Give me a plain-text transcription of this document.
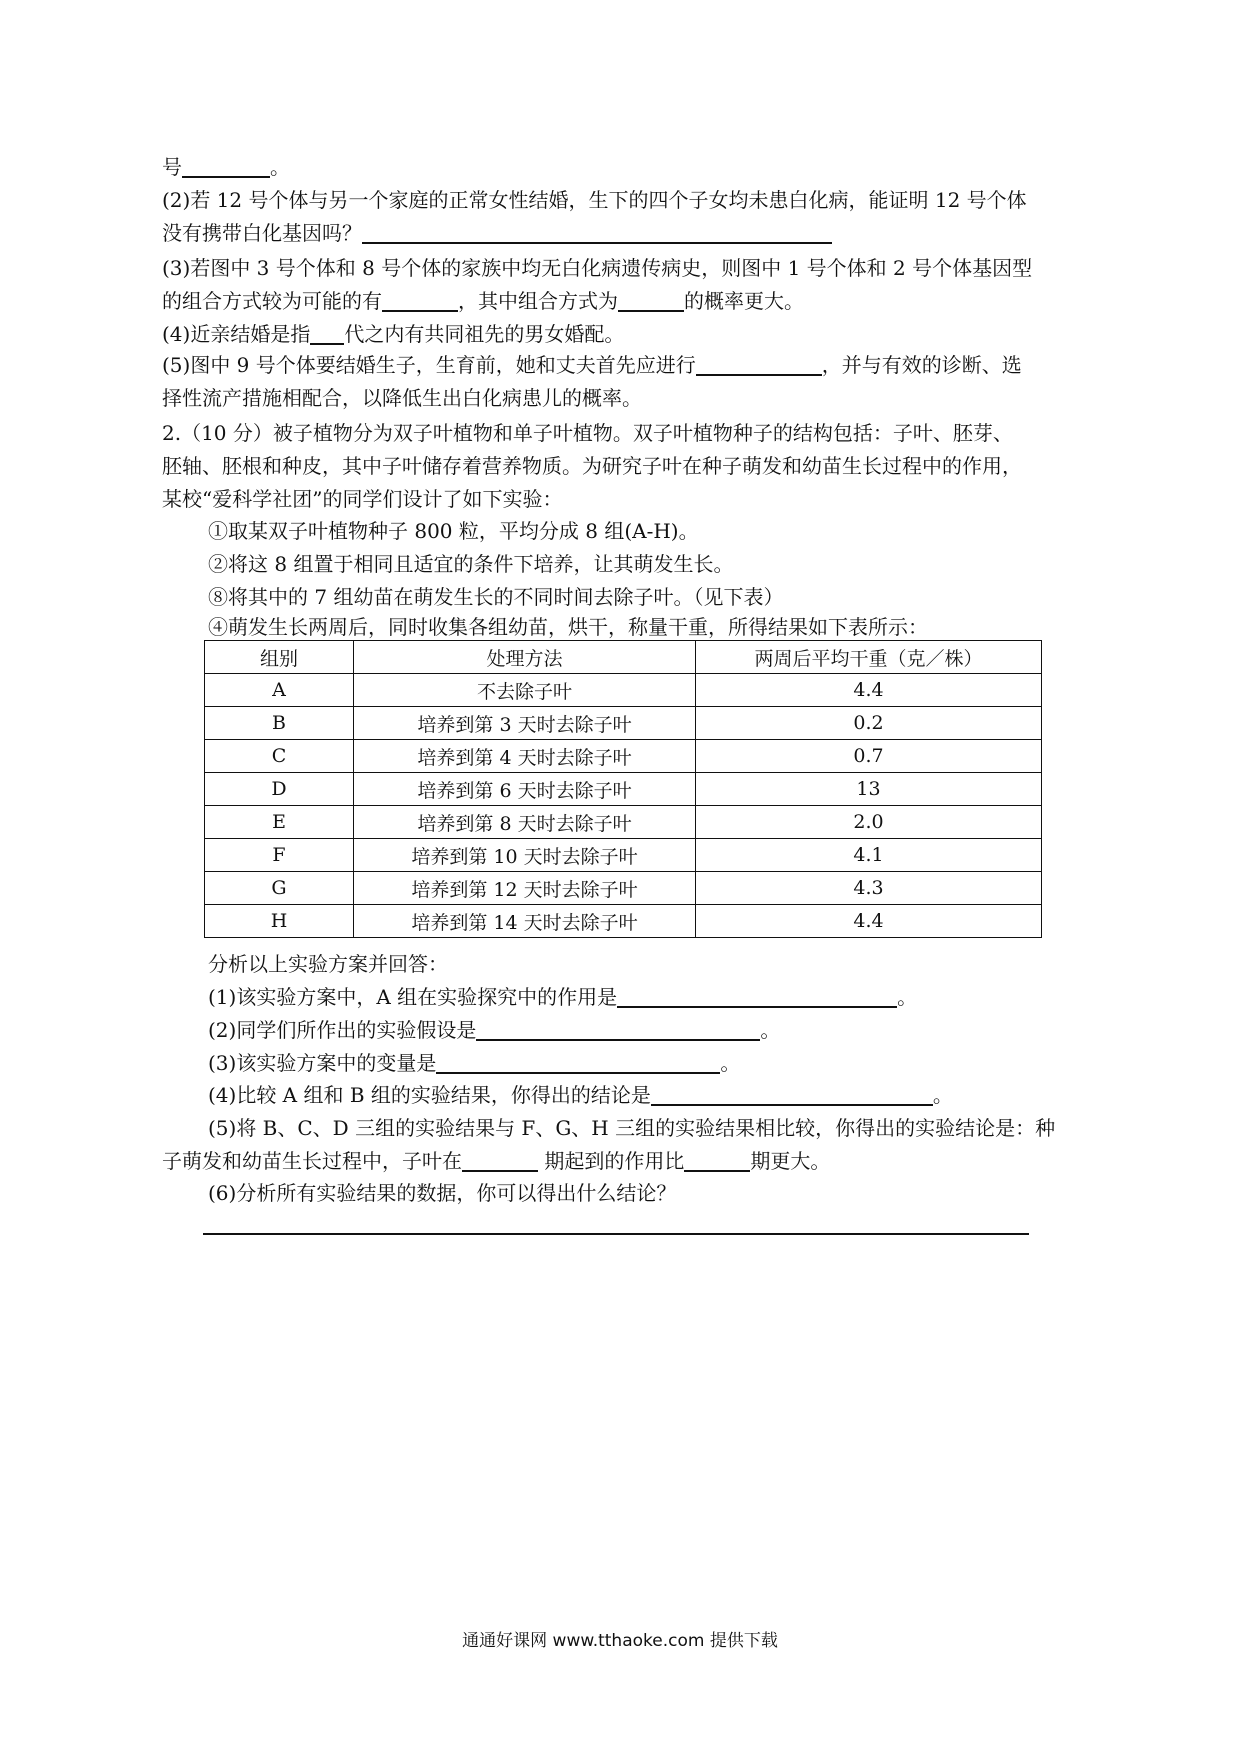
号	。
(2)若 12 号个体与另一个家庭的正常女性结婚，生下的四个子女均未患白化病，能证明 12 号个体
没有携带白化基因吗？
(3)若图中 3 号个体和 8 号个体的家族中均无白化病遗传病史，则图中 1 号个体和 2 号个体基因型
的组合方式较为可能的有	，其中组合方式为	的概率更大。
(4)近亲结婚是指 代之内有共同祖先的男女婚配。
(5)图中 9 号个体要结婚生子，生育前，她和丈夫首先应进行	，并与有效的诊断、选
择性流产措施相配合，以降低生出白化病患儿的概率。
2.（10 分）被子植物分为双子叶植物和单子叶植物。双子叶植物种子的结构包括：子叶、胚芽、
胚轴、胚根和种皮，其中子叶储存着营养物质。为研究子叶在种子萌发和幼苗生长过程中的作用，
某校“爱科学社团”的同学们设计了如下实验：
①取某双子叶植物种子 800 粒，平均分成 8 组(A-H)。
②将这 8 组置于相同且适宜的条件下培养，让其萌发生长。
⑧将其中的 7 组幼苗在萌发生长的不同时间去除子叶。（见下表）
④萌发生长两周后，同时收集各组幼苗，烘干，称量干重，所得结果如下表所示：
组别	处理方法	两周后平均干重（克／株）
A	不去除子叶	4.4
B	培养到第 3 天时去除子叶	0.2
C	培养到第 4 天时去除子叶	0.7
D	培养到第 6 天时去除子叶	13
E	培养到第 8 天时去除子叶	2.0
F	培养到第 10 天时去除子叶	4.1
G	培养到第 12 天时去除子叶	4.3
H	培养到第 14 天时去除子叶	4.4
分析以上实验方案并回答：
(1)该实验方案中，A 组在实验探究中的作用是	。
(2)同学们所作出的实验假设是	。
(3)该实验方案中的变量是	。
(4)比较 A 组和 B 组的实验结果，你得出的结论是	。
(5)将 B、C、D 三组的实验结果与 F、G、H 三组的实验结果相比较，你得出的实验结论是：种
子萌发和幼苗生长过程中，子叶在	期起到的作用比	期更大。
(6)分析所有实验结果的数据，你可以得出什么结论？
通通好课网 www.tthaoke.com 提供下载
